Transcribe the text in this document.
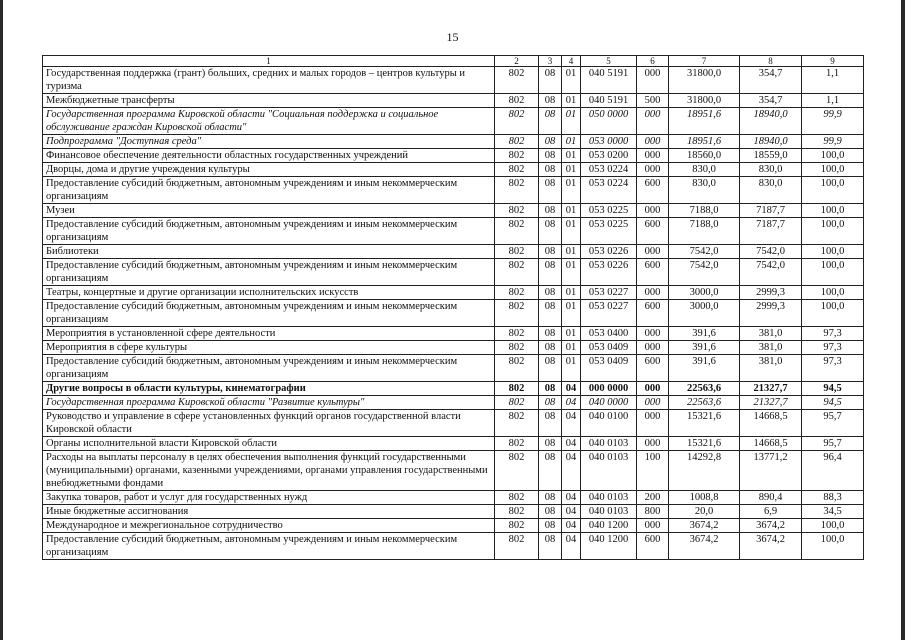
15
1	2	3	4	5	6	7	8	9
Государственная поддержка (грант) больших, средних и малых городов – центров культуры и туризма	802	08	01	040 5191	000	31800,0	354,7	1,1
Межбюджетные трансферты	802	08	01	040 5191	500	31800,0	354,7	1,1
Государственная программа Кировской области "Социальная поддержка и социальное обслуживание граждан Кировской области"	802	08	01	050 0000	000	18951,6	18940,0	99,9
Подпрограмма "Доступная среда"	802	08	01	053 0000	000	18951,6	18940,0	99,9
Финансовое обеспечение деятельности областных государственных учреждений	802	08	01	053 0200	000	18560,0	18559,0	100,0
Дворцы, дома и другие учреждения культуры	802	08	01	053 0224	000	830,0	830,0	100,0
Предоставление субсидий бюджетным, автономным учреждениям и иным некоммерческим организациям	802	08	01	053 0224	600	830,0	830,0	100,0
Музеи	802	08	01	053 0225	000	7188,0	7187,7	100,0
Предоставление субсидий бюджетным, автономным учреждениям и иным некоммерческим организациям	802	08	01	053 0225	600	7188,0	7187,7	100,0
Библиотеки	802	08	01	053 0226	000	7542,0	7542,0	100,0
Предоставление субсидий бюджетным, автономным учреждениям и иным некоммерческим организациям	802	08	01	053 0226	600	7542,0	7542,0	100,0
Театры, концертные и другие организации исполнительских искусств	802	08	01	053 0227	000	3000,0	2999,3	100,0
Предоставление субсидий бюджетным, автономным учреждениям и иным некоммерческим организациям	802	08	01	053 0227	600	3000,0	2999,3	100,0
Мероприятия в установленной сфере деятельности	802	08	01	053 0400	000	391,6	381,0	97,3
Мероприятия в сфере культуры	802	08	01	053 0409	000	391,6	381,0	97,3
Предоставление субсидий бюджетным, автономным учреждениям и иным некоммерческим организациям	802	08	01	053 0409	600	391,6	381,0	97,3
Другие вопросы в области культуры, кинематографии	802	08	04	000 0000	000	22563,6	21327,7	94,5
Государственная программа Кировской области "Развитие культуры"	802	08	04	040 0000	000	22563,6	21327,7	94,5
Руководство и управление в сфере установленных функций органов государственной власти Кировской области	802	08	04	040 0100	000	15321,6	14668,5	95,7
Органы исполнительной власти Кировской области	802	08	04	040 0103	000	15321,6	14668,5	95,7
Расходы на выплаты персоналу в целях обеспечения выполнения функций государственными (муниципальными) органами, казенными учреждениями, органами управления государственными внебюджетными фондами	802	08	04	040 0103	100	14292,8	13771,2	96,4
Закупка товаров, работ и услуг для государственных нужд	802	08	04	040 0103	200	1008,8	890,4	88,3
Иные бюджетные ассигнования	802	08	04	040 0103	800	20,0	6,9	34,5
Международное и межрегиональное сотрудничество	802	08	04	040 1200	000	3674,2	3674,2	100,0
Предоставление субсидий бюджетным, автономным учреждениям и иным некоммерческим организациям	802	08	04	040 1200	600	3674,2	3674,2	100,0
